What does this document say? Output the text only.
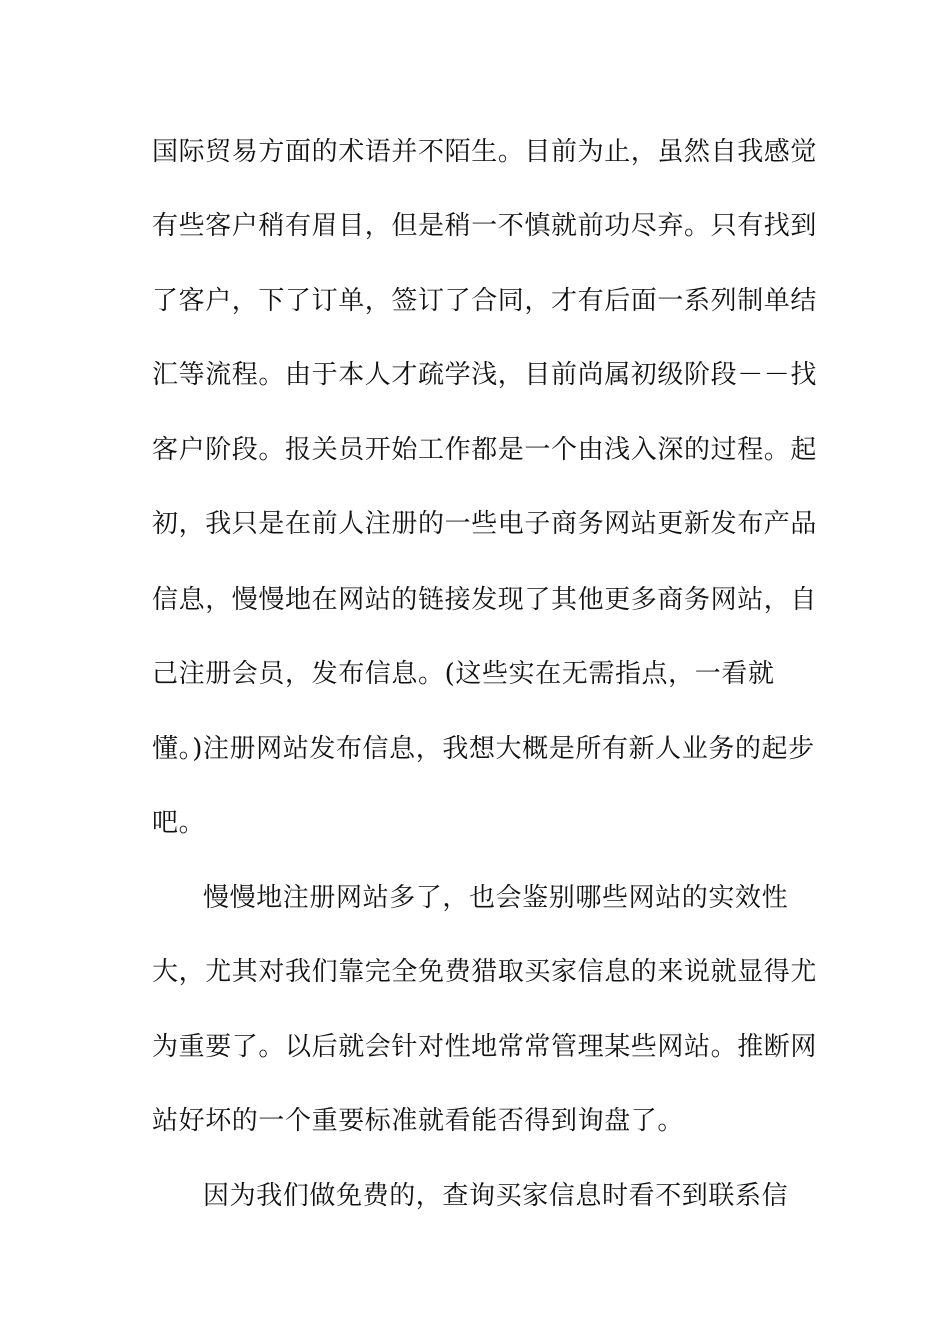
国际贸易方面的术语并不陌生。目前为止，虽然自我感觉
有些客户稍有眉目，但是稍一不慎就前功尽弃。只有找到
了客户，下了订单，签订了合同，才有后面一系列制单结
汇等流程。由于本人才疏学浅，目前尚属初级阶段－－找
客户阶段。报关员开始工作都是一个由浅入深的过程。起
初，我只是在前人注册的一些电子商务网站更新发布产品
信息，慢慢地在网站的链接发现了其他更多商务网站，自
己注册会员，发布信息。(这些实在无需指点，一看就
懂。)注册网站发布信息，我想大概是所有新人业务的起步
吧。
慢慢地注册网站多了，也会鉴别哪些网站的实效性
大，尤其对我们靠完全免费猎取买家信息的来说就显得尤
为重要了。以后就会针对性地常常管理某些网站。推断网
站好坏的一个重要标准就看能否得到询盘了。
因为我们做免费的，查询买家信息时看不到联系信
